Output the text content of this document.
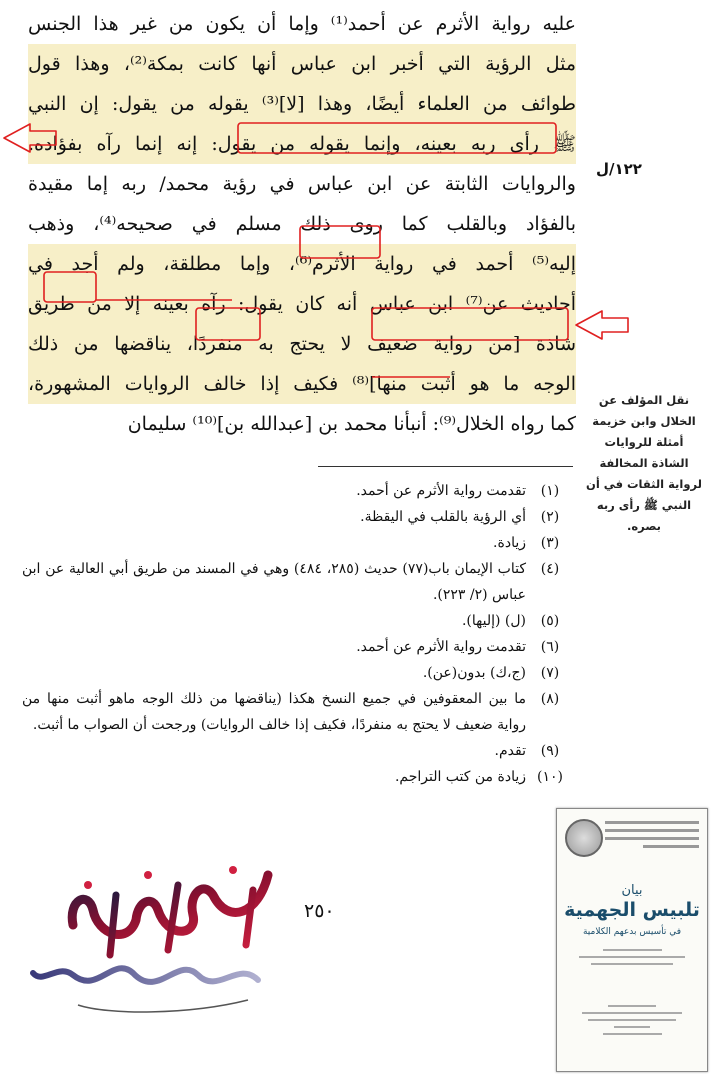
عليه رواية الأثرم عن أحمد⁽¹⁾ وإما أن يكون من غير هذا الجنس
مثل الرؤية التي أخبر ابن عباس أنها كانت بمكة⁽²⁾، وهذا قول
طوائف من العلماء أيضًا، وهذا [لا]⁽³⁾ يقوله من يقول: إن النبي
ﷺ رأى ربه بعينه، وإنما يقوله من يقول: إنه إنما رآه بفؤاده.
والروايات الثابتة عن ابن عباس في رؤية محمد/ ربه إما مقيدة
بالفؤاد وبالقلب كما روى ذلك مسلم في صحيحه⁽⁴⁾، وذهب
إليه⁽⁵⁾ أحمد في رواية الأثرم⁽⁶⁾، وإما مطلقة، ولم أجد في
أحاديث عن⁽⁷⁾ ابن عباس أنه كان يقول: رآه بعينه إلا من طريق
شاذة [من رواية ضعيف لا يحتج به منفردًا، يناقضها من ذلك
الوجه ما هو أثبت منها]⁽⁸⁾ فكيف إذا خالف الروايات المشهورة،
كما رواه الخلال⁽⁹⁾: أنبأنا محمد بن [عبدالله بن]⁽¹⁰⁾ سليمان
١٢٢/ل
نقل المؤلف عن الخلال وابن خزيمة أمثلة للروايات الشاذة المخالفة لرواية الثقات في أن النبي ﷺ رأى ربه بصره.
(١)
تقدمت رواية الأثرم عن أحمد.
(٢)
أي الرؤية بالقلب في اليقظة.
(٣)
زيادة.
(٤)
كتاب الإيمان باب(٧٧) حديث (٢٨٥، ٤٨٤) وهي في المسند من طريق أبي العالية عن ابن عباس (٢/ ٢٢٣).
(٥)
(ل) (إليها).
(٦)
تقدمت رواية الأثرم عن أحمد.
(٧)
(ج،ك) بدون(عن).
(٨)
ما بين المعقوفين في جميع النسخ هكذا (يناقضها من ذلك الوجه ماهو أثبت منها من رواية ضعيف لا يحتج به منفردًا، فكيف إذا خالف الروايات) ورجحت أن الصواب ما أثبت.
(٩)
تقدم.
(١٠)
زيادة من كتب التراجم.
٢٥٠
بيان
تلبيس الجهمية
في تأسيس بدعهم الكلامية
